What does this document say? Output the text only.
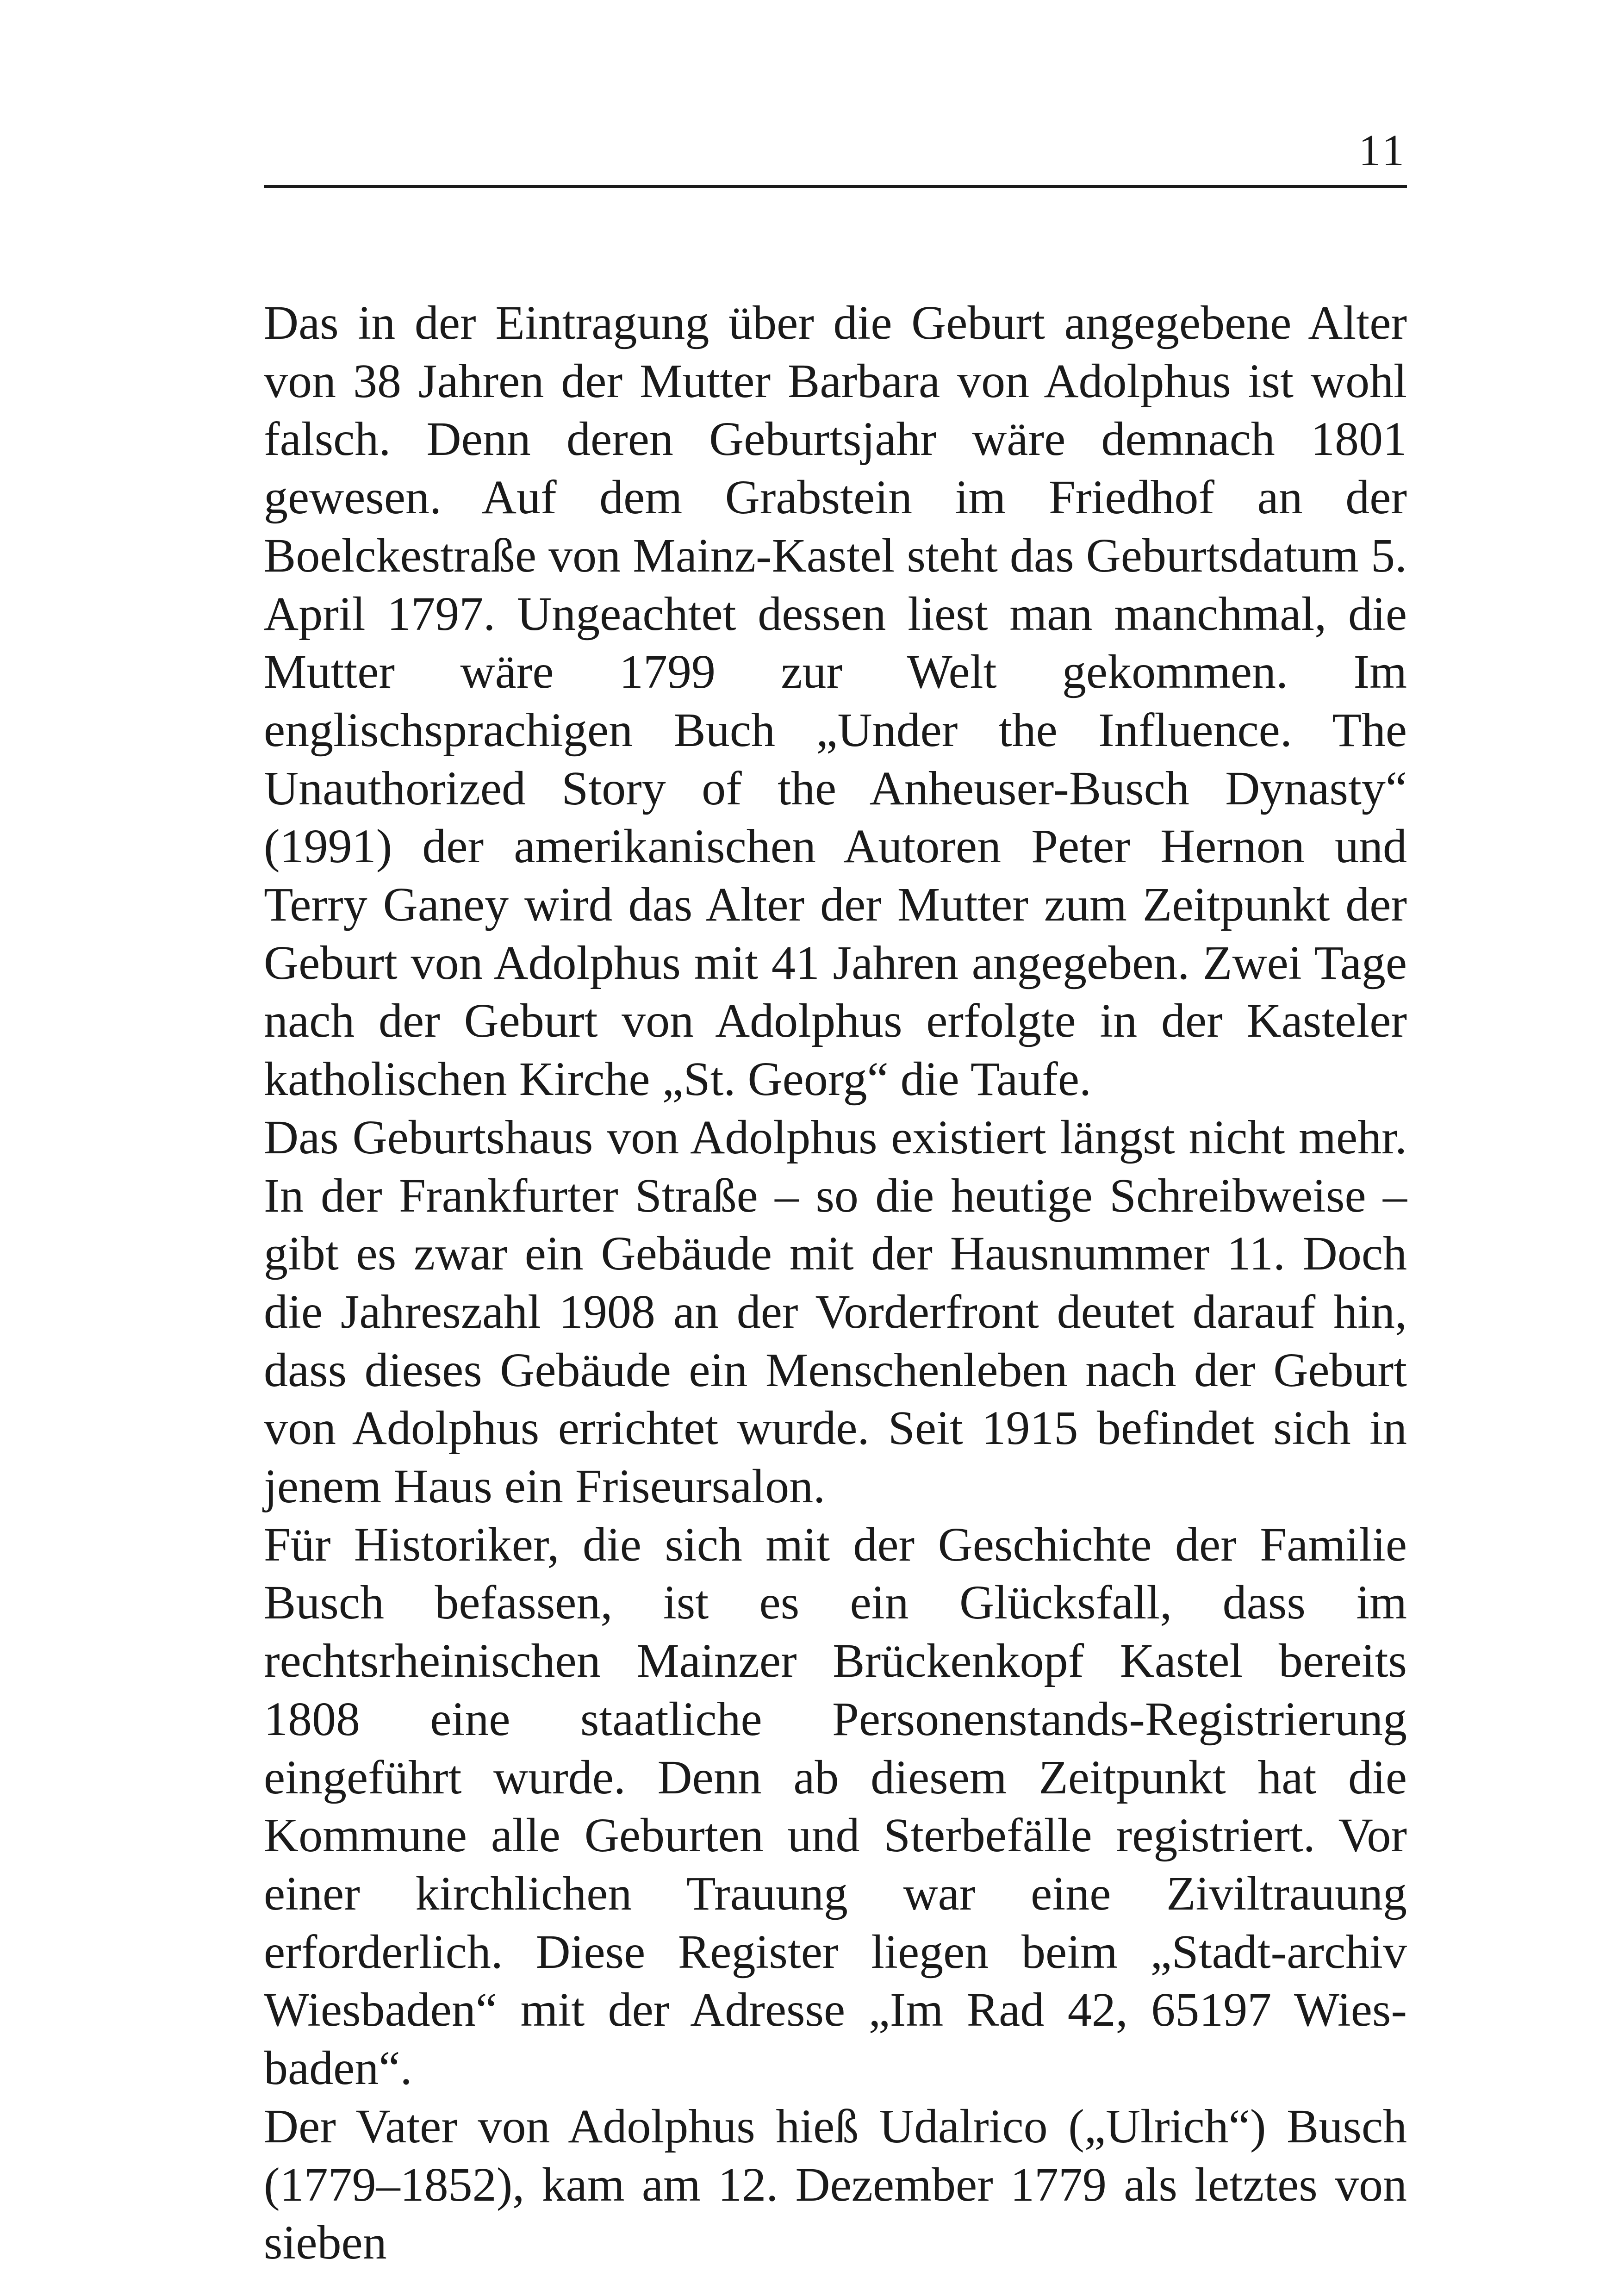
11

Das in der Eintragung über die Geburt angegebene Alter von 38 Jahren der Mutter Barbara von Adolphus ist wohl falsch. Denn deren Geburtsjahr wäre demnach 1801 gewesen. Auf dem Grabstein im Friedhof an der Boelckestraße von Mainz-Kastel steht das Geburtsdatum 5. April 1797. Ungeachtet dessen liest man manchmal, die Mutter wäre 1799 zur Welt gekommen. Im englischsprachigen Buch „Under the Influence. The Unauthorized Story of the Anheuser-Busch Dynasty“ (1991) der amerikanischen Autoren Peter Hernon und Terry Ganey wird das Alter der Mutter zum Zeitpunkt der Geburt von Adolphus mit 41 Jahren angegeben. Zwei Tage nach der Geburt von Adolphus erfolgte in der Kasteler katholischen Kirche „St. Georg“ die Taufe.

Das Geburtshaus von Adolphus existiert längst nicht mehr. In der Frankfurter Straße – so die heutige Schreibweise – gibt es zwar ein Gebäude mit der Hausnummer 11. Doch die Jahreszahl 1908 an der Vorderfront deutet darauf hin, dass dieses Gebäude ein Menschenleben nach der Geburt von Adolphus errichtet wurde. Seit 1915 befindet sich in jenem Haus ein Friseursalon.

Für Historiker, die sich mit der Geschichte der Familie Busch befassen, ist es ein Glücksfall, dass im rechtsrheinischen Mainzer Brückenkopf Kastel bereits 1808 eine staatliche Personenstands-Registrierung eingeführt wurde. Denn ab diesem Zeitpunkt hat die Kommune alle Geburten und Sterbefälle registriert. Vor einer kirchlichen Trauung war eine Ziviltrauung erforderlich. Diese Register liegen beim „Stadt-archiv Wiesbaden“ mit der Adresse „Im Rad 42, 65197 Wiesbaden“.

Der Vater von Adolphus hieß Udalrico („Ulrich“) Busch (1779–1852), kam am 12. Dezember 1779 als letztes von sieben
